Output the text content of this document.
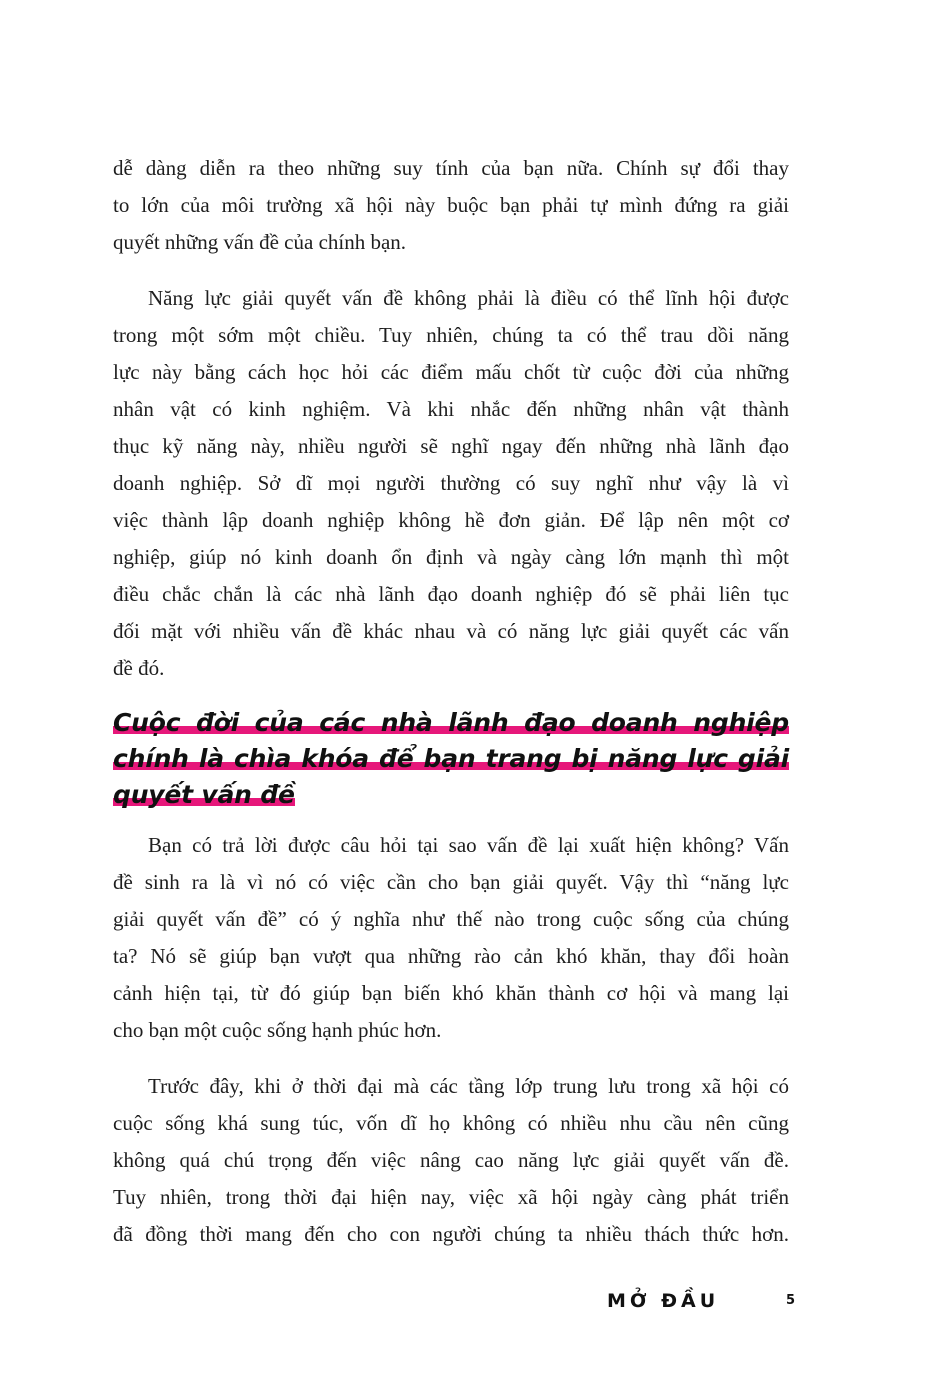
dễ dàng diễn ra theo những suy tính của bạn nữa. Chính sự đổi thay
to lớn của môi trường xã hội này buộc bạn phải tự mình đứng ra giải
quyết những vấn đề của chính bạn.

Năng lực giải quyết vấn đề không phải là điều có thể lĩnh hội được
trong một sớm một chiều. Tuy nhiên, chúng ta có thể trau dồi năng
lực này bằng cách học hỏi các điểm mấu chốt từ cuộc đời của những
nhân vật có kinh nghiệm. Và khi nhắc đến những nhân vật thành
thục kỹ năng này, nhiều người sẽ nghĩ ngay đến những nhà lãnh đạo
doanh nghiệp. Sở dĩ mọi người thường có suy nghĩ như vậy là vì
việc thành lập doanh nghiệp không hề đơn giản. Để lập nên một cơ
nghiệp, giúp nó kinh doanh ổn định và ngày càng lớn mạnh thì một
điều chắc chắn là các nhà lãnh đạo doanh nghiệp đó sẽ phải liên tục
đối mặt với nhiều vấn đề khác nhau và có năng lực giải quyết các vấn
đề đó.

Cuộc đời của các nhà lãnh đạo doanh nghiệp
chính là chìa khóa để bạn trang bị năng lực giải
quyết vấn đề

Bạn có trả lời được câu hỏi tại sao vấn đề lại xuất hiện không? Vấn
đề sinh ra là vì nó có việc cần cho bạn giải quyết. Vậy thì “năng lực
giải quyết vấn đề” có ý nghĩa như thế nào trong cuộc sống của chúng
ta? Nó sẽ giúp bạn vượt qua những rào cản khó khăn, thay đổi hoàn
cảnh hiện tại, từ đó giúp bạn biến khó khăn thành cơ hội và mang lại
cho bạn một cuộc sống hạnh phúc hơn.

Trước đây, khi ở thời đại mà các tầng lớp trung lưu trong xã hội có
cuộc sống khá sung túc, vốn dĩ họ không có nhiều nhu cầu nên cũng
không quá chú trọng đến việc nâng cao năng lực giải quyết vấn đề.
Tuy nhiên, trong thời đại hiện nay, việc xã hội ngày càng phát triển
đã đồng thời mang đến cho con người chúng ta nhiều thách thức hơn.

MỞ ĐẦU	5
